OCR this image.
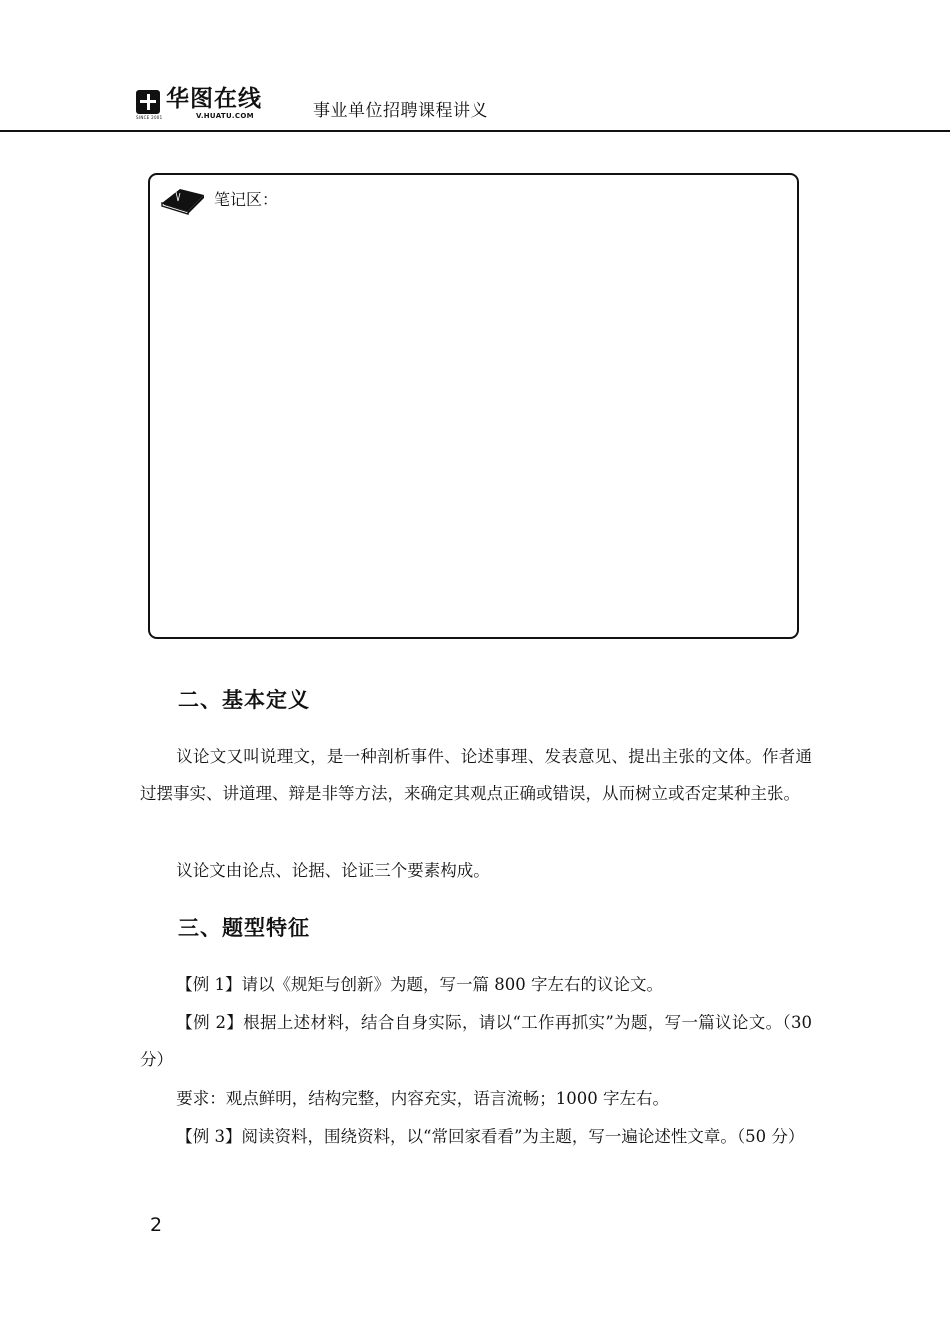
SINCE 2001
华图在线
V.HUATU.COM	事业单位招聘课程讲义
笔记区：
二、基本定义

议论文又叫说理文，是一种剖析事件、论述事理、发表意见、提出主张的文体。作者通过摆事实、讲道理、辩是非等方法，来确定其观点正确或错误，从而树立或否定某种主张。

议论文由论点、论据、论证三个要素构成。

三、题型特征

【例 1】请以《规矩与创新》为题，写一篇 800 字左右的议论文。

【例 2】根据上述材料，结合自身实际，请以“工作再抓实”为题，写一篇议论文。（30 分）

要求：观点鲜明，结构完整，内容充实，语言流畅；1000 字左右。

【例 3】阅读资料，围绕资料，以“常回家看看”为主题，写一遍论述性文章。（50 分）

2
